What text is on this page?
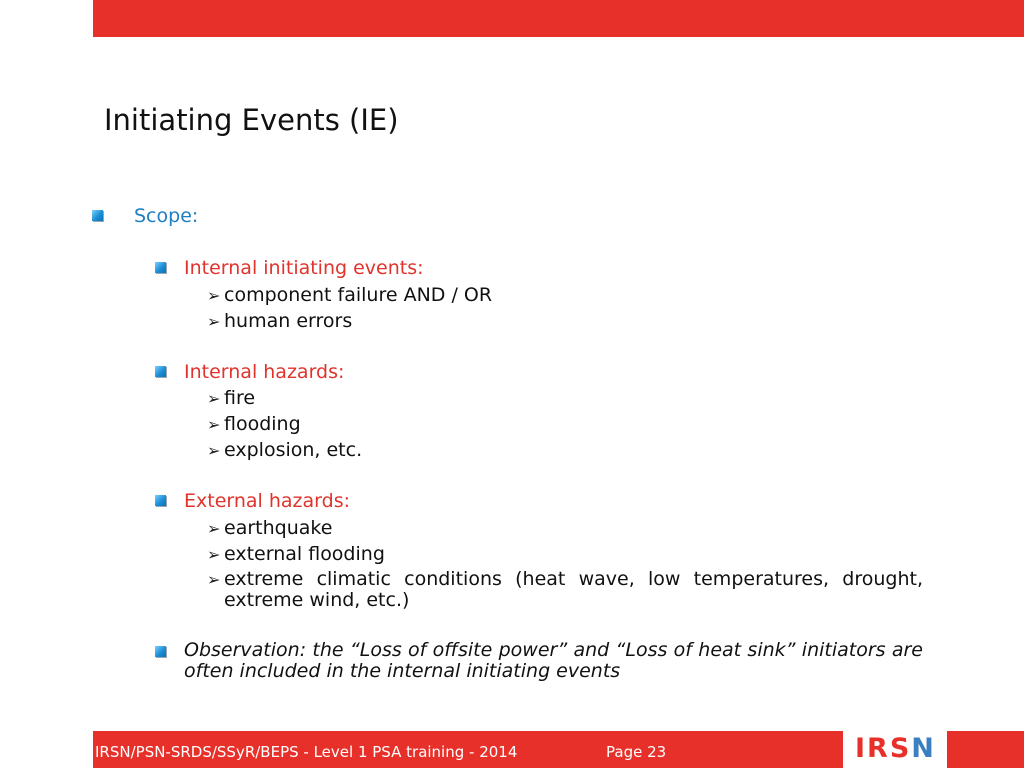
Initiating Events (IE)
Scope:
Internal initiating events:
➢ component failure AND / OR
➢ human errors
Internal hazards:
➢ fire
➢ flooding
➢ explosion, etc.
External hazards:
➢ earthquake
➢ external flooding
➢ extreme climatic conditions (heat wave, low temperatures, drought, extreme wind, etc.)
Observation: the “Loss of offsite power” and “Loss of heat sink” initiators are often included in the internal initiating events
IRSN/PSN-SRDS/SSyR/BEPS - Level 1 PSA training - 2014	Page 23	IRSN
